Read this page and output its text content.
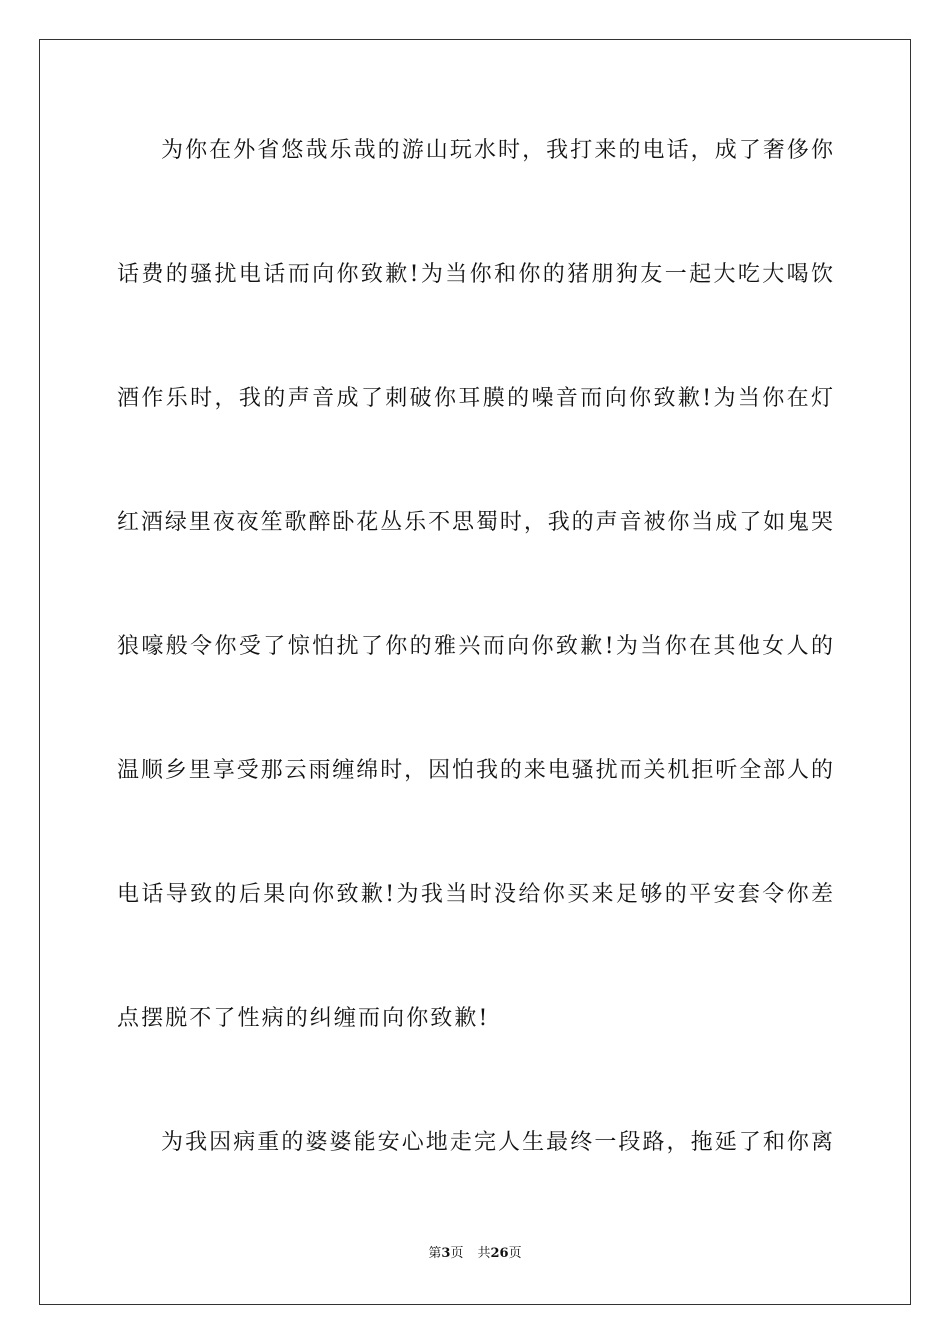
为你在外省悠哉乐哉的游山玩水时，我打来的电话，成了奢侈你
话费的骚扰电话而向你致歉!为当你和你的猪朋狗友一起大吃大喝饮
酒作乐时，我的声音成了刺破你耳膜的噪音而向你致歉!为当你在灯
红酒绿里夜夜笙歌醉卧花丛乐不思蜀时，我的声音被你当成了如鬼哭
狼嚎般令你受了惊怕扰了你的雅兴而向你致歉!为当你在其他女人的
温顺乡里享受那云雨缠绵时，因怕我的来电骚扰而关机拒听全部人的
电话导致的后果向你致歉!为我当时没给你买来足够的平安套令你差
点摆脱不了性病的纠缠而向你致歉!
为我因病重的婆婆能安心地走完人生最终一段路，拖延了和你离
第3页 共26页
